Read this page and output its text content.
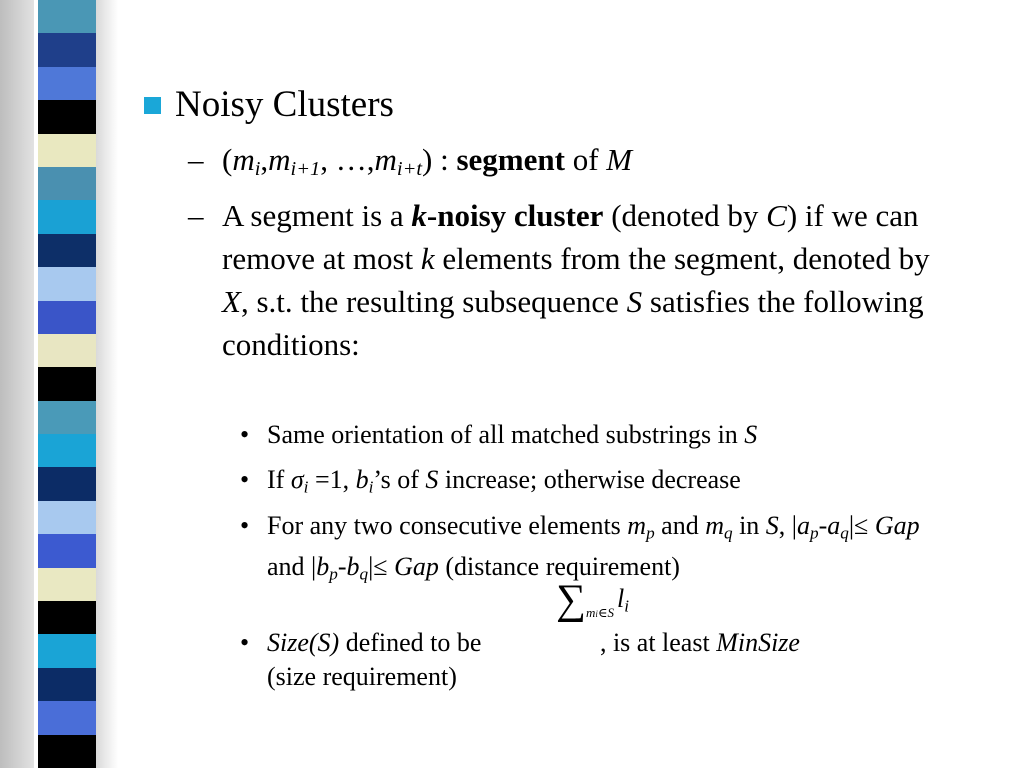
Noisy Clusters
– ($m_i,m_{i+1}$, $\dots,m_{i+t}$) : segment of M
– A segment is a k-noisy cluster (denoted by C) if we can remove at most k elements from the segment, denoted by X, s.t. the resulting subsequence S satisfies the following conditions:
• Same orientation of all matched substrings in S
• If $\sigma_i =1$, $b_i’s$ of S increase; otherwise decrease
• For any two consecutive elements $m_p$ and $m_q$ in S, $|a_p-a_q|\le$ Gap and $|b_p-b_q|\le$ Gap (distance requirement)
• Size(S) defined to be	, is at least MinSize
(size requirement)
$\sum_{mi\in S}$ $l_i$
